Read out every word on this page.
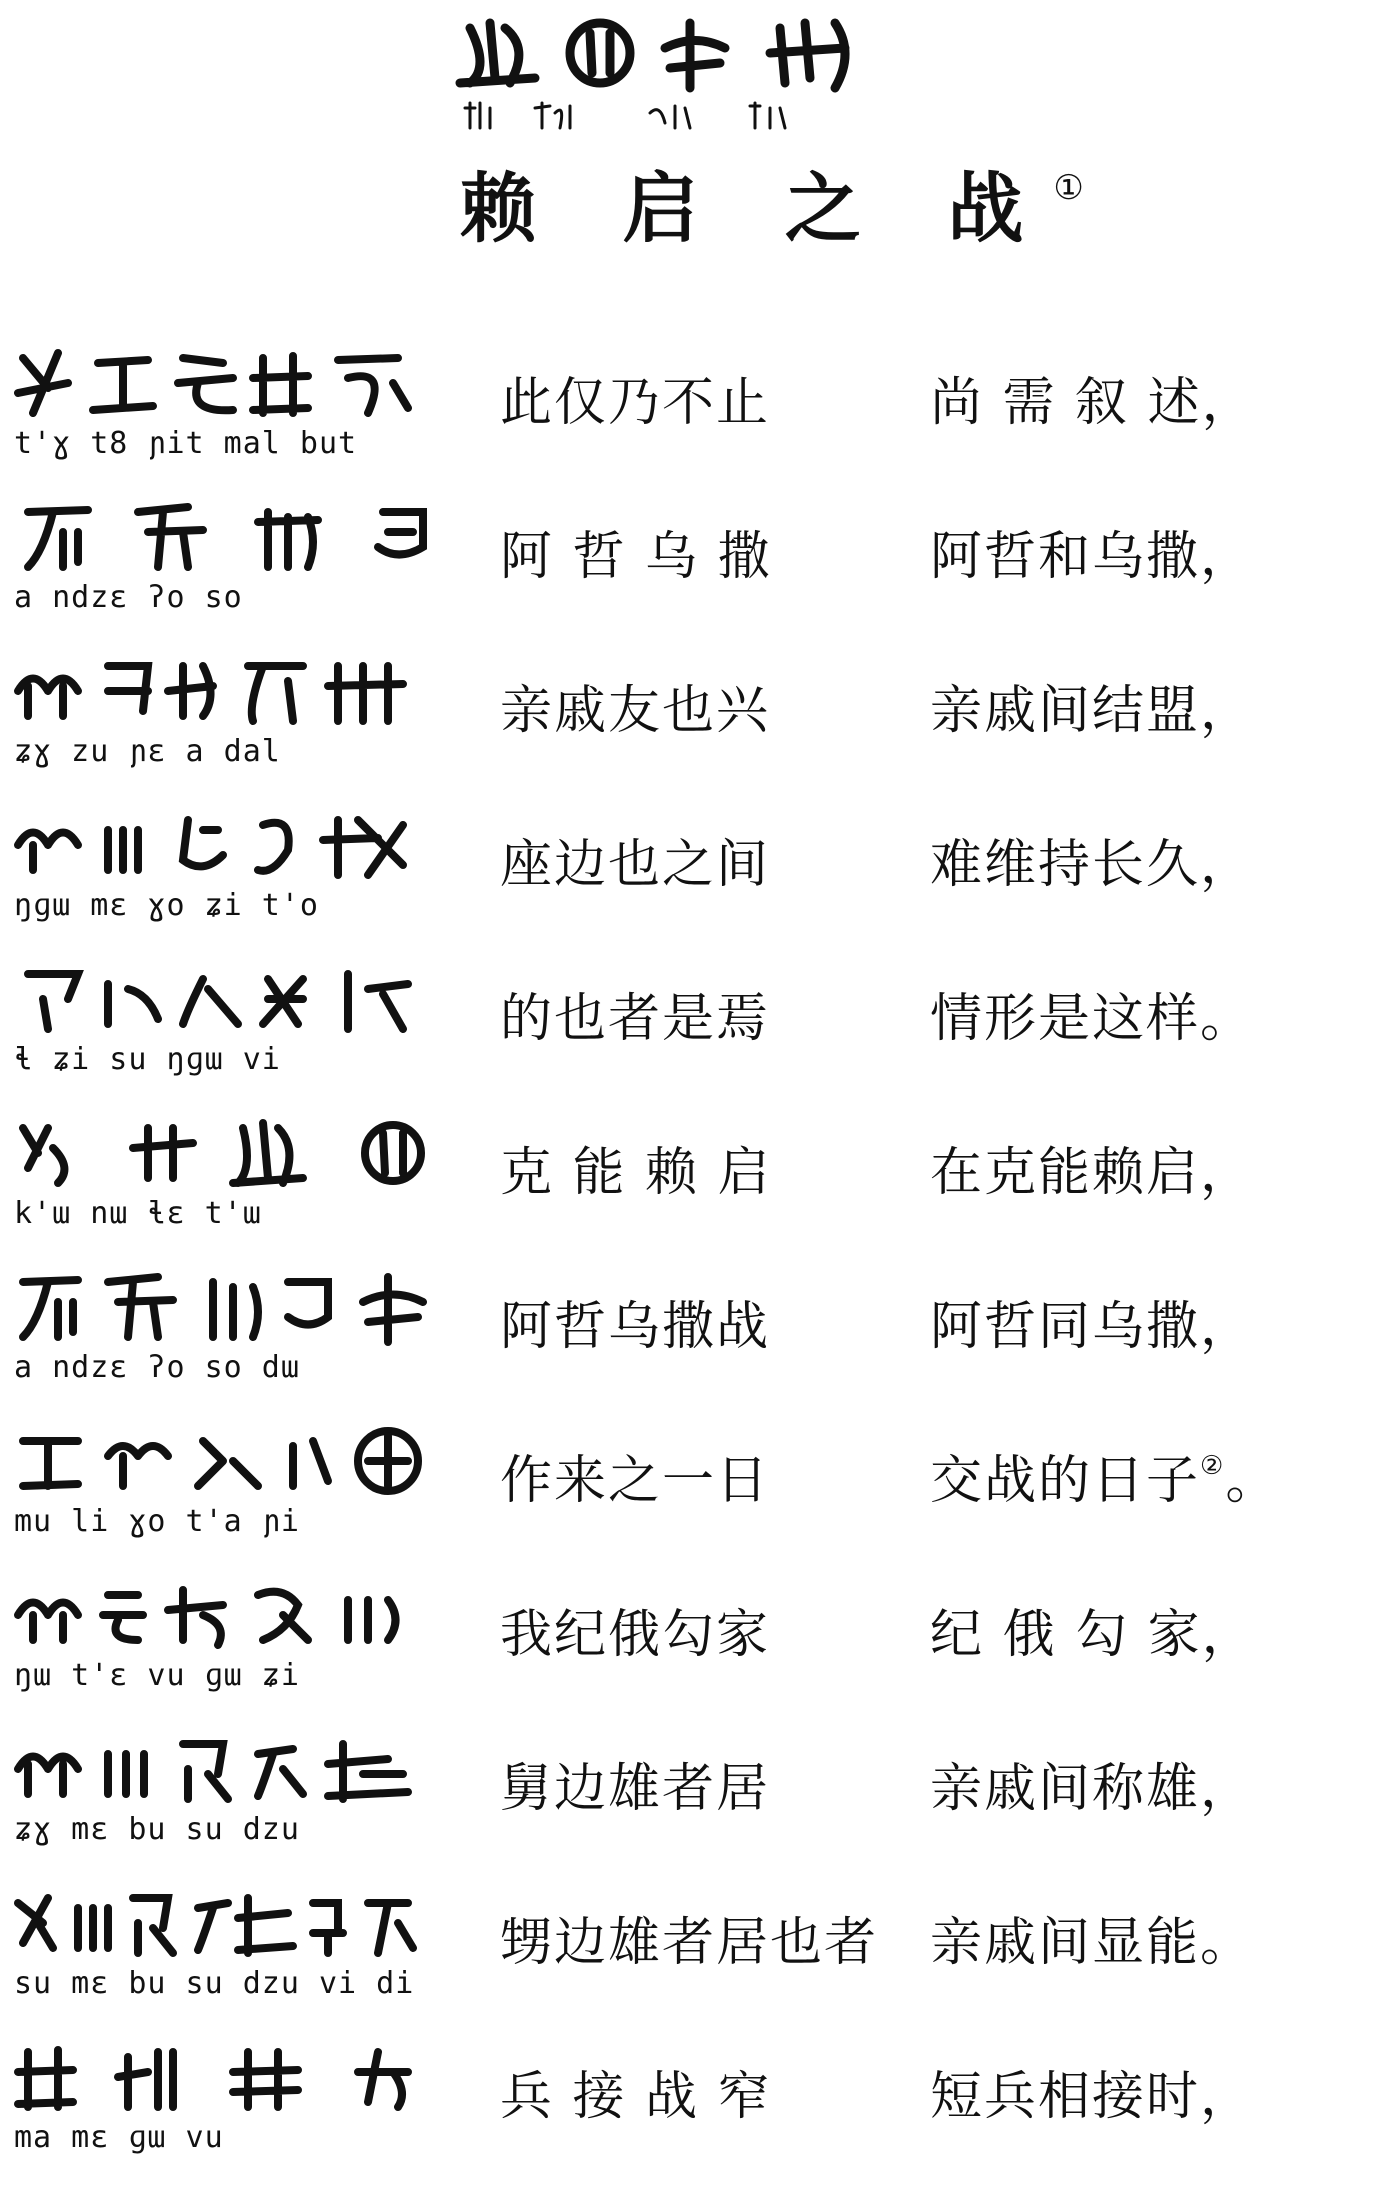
赖 启 之 战①
t'ɣ t8 ɲit mal but
此仅乃不止	尚 需 叙 述，
a ndzɛ ʔo so
阿 哲 乌 撒	阿哲和乌撒，
ʑɣ zu ɲɛ a dal
亲戚友也兴	亲戚间结盟，
ŋɡɯ mɛ ɣo ʑi t'o
座边也之间	难维持长久，
ɬ ʑi su ŋɡɯ vi
的也者是焉	情形是这样。
k'ɯ nɯ ɬɛ t'ɯ
克 能 赖 启	在克能赖启，
a ndzɛ ʔo so dɯ
阿哲乌撒战	阿哲同乌撒，
mu li ɣo t'a ɲi
作来之一日	交战的日子②。
ŋɯ t'ɛ vu ɡɯ ʑi
我纪俄勾家	纪 俄 勾 家，
ʑɣ mɛ bu su dzu
舅边雄者居	亲戚间称雄，
su mɛ bu su dzu vi di
甥边雄者居也者 亲戚间显能。
ma mɛ ɡɯ vu
兵 接 战 窄	短兵相接时，
